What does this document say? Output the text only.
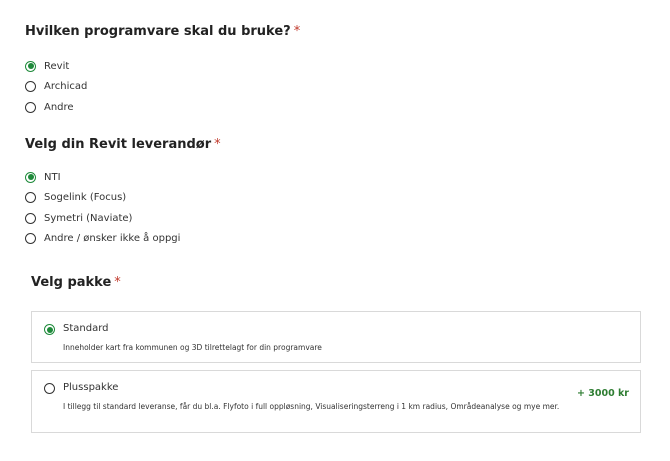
Hvilken programvare skal du bruke? *
Revit
Archicad
Andre
Velg din Revit leverandør *
NTI
Sogelink (Focus)
Symetri (Naviate)
Andre / ønsker ikke å oppgi
Velg pakke *
Standard
Inneholder kart fra kommunen og 3D tilrettelagt for din programvare
Plusspakke
I tillegg til standard leveranse, får du bl.a. Flyfoto i full oppløsning, Visualiseringsterreng i 1 km radius, Områdeanalyse og mye mer.
+ 3000 kr
